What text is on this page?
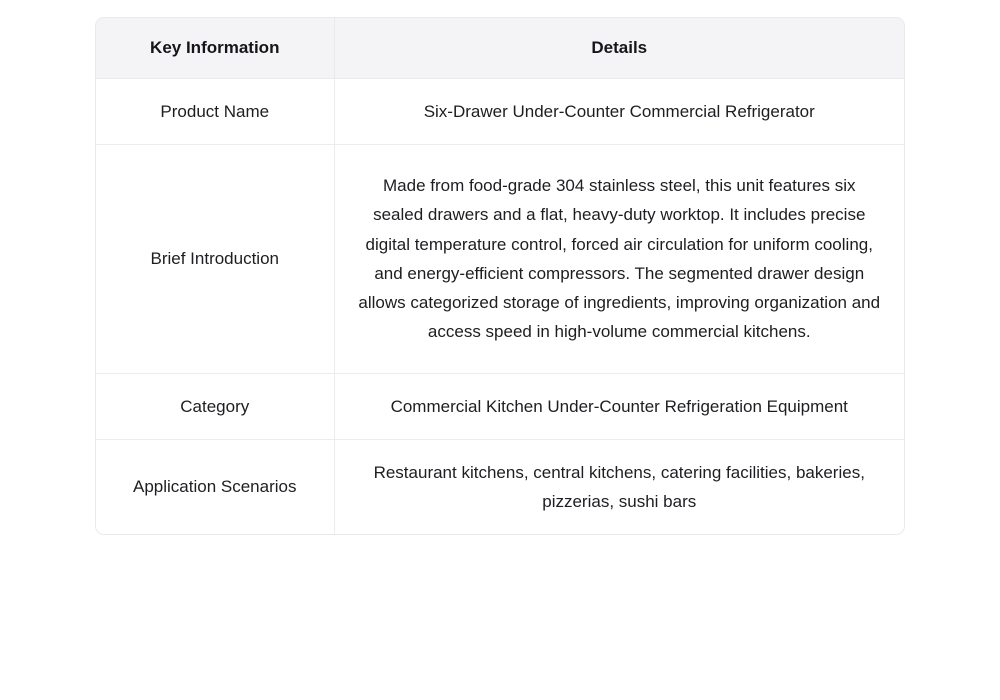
Key Information	Details
Product Name	Six-Drawer Under-Counter Commercial Refrigerator
Brief Introduction	Made from food-grade 304 stainless steel, this unit features six sealed drawers and a flat, heavy-duty worktop. It includes precise digital temperature control, forced air circulation for uniform cooling, and energy-efficient compressors. The segmented drawer design allows categorized storage of ingredients, improving organization and access speed in high-volume commercial kitchens.
Category	Commercial Kitchen Under-Counter Refrigeration Equipment
Application Scenarios	Restaurant kitchens, central kitchens, catering facilities, bakeries, pizzerias, sushi bars
